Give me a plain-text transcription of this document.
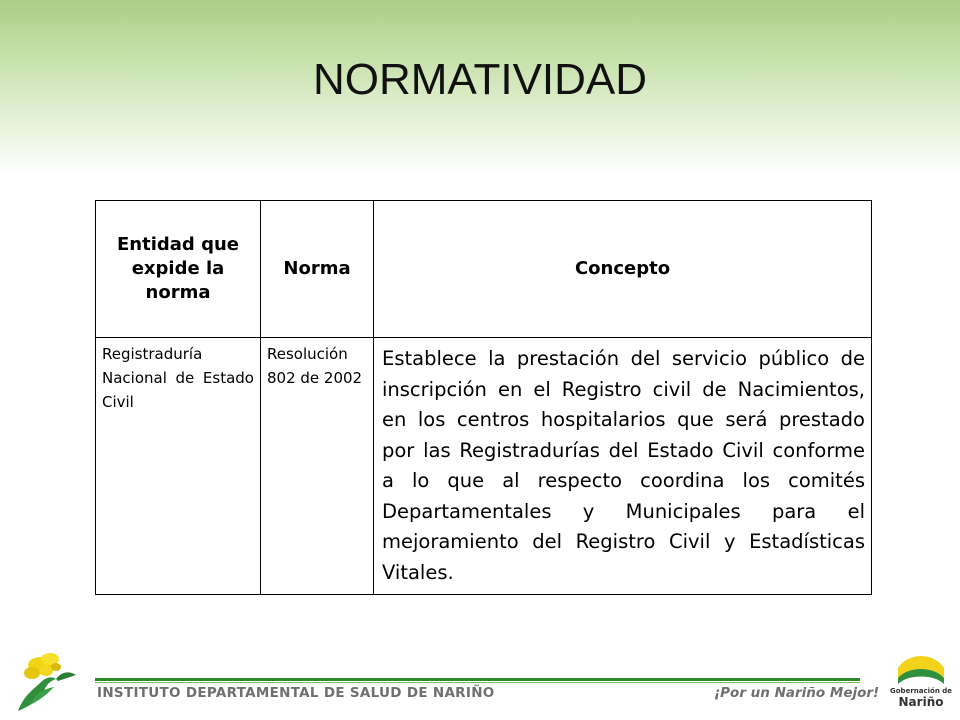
NORMATIVIDAD
Entidad que expide la norma	Norma	Concepto
Registraduría Nacional de Estado Civil	Resolución 802 de 2002	Establece la prestación del servicio público de inscripción en el Registro civil de Nacimientos, en los centros hospitalarios que será prestado por las Registradurías del Estado Civil conforme a lo que al respecto coordina los comités Departamentales y Municipales para el mejoramiento del Registro Civil y Estadísticas Vitales.
INSTITUTO DEPARTAMENTAL DE SALUD DE NARIÑO	¡Por un Nariño Mejor! Gobernación de
Nariño
